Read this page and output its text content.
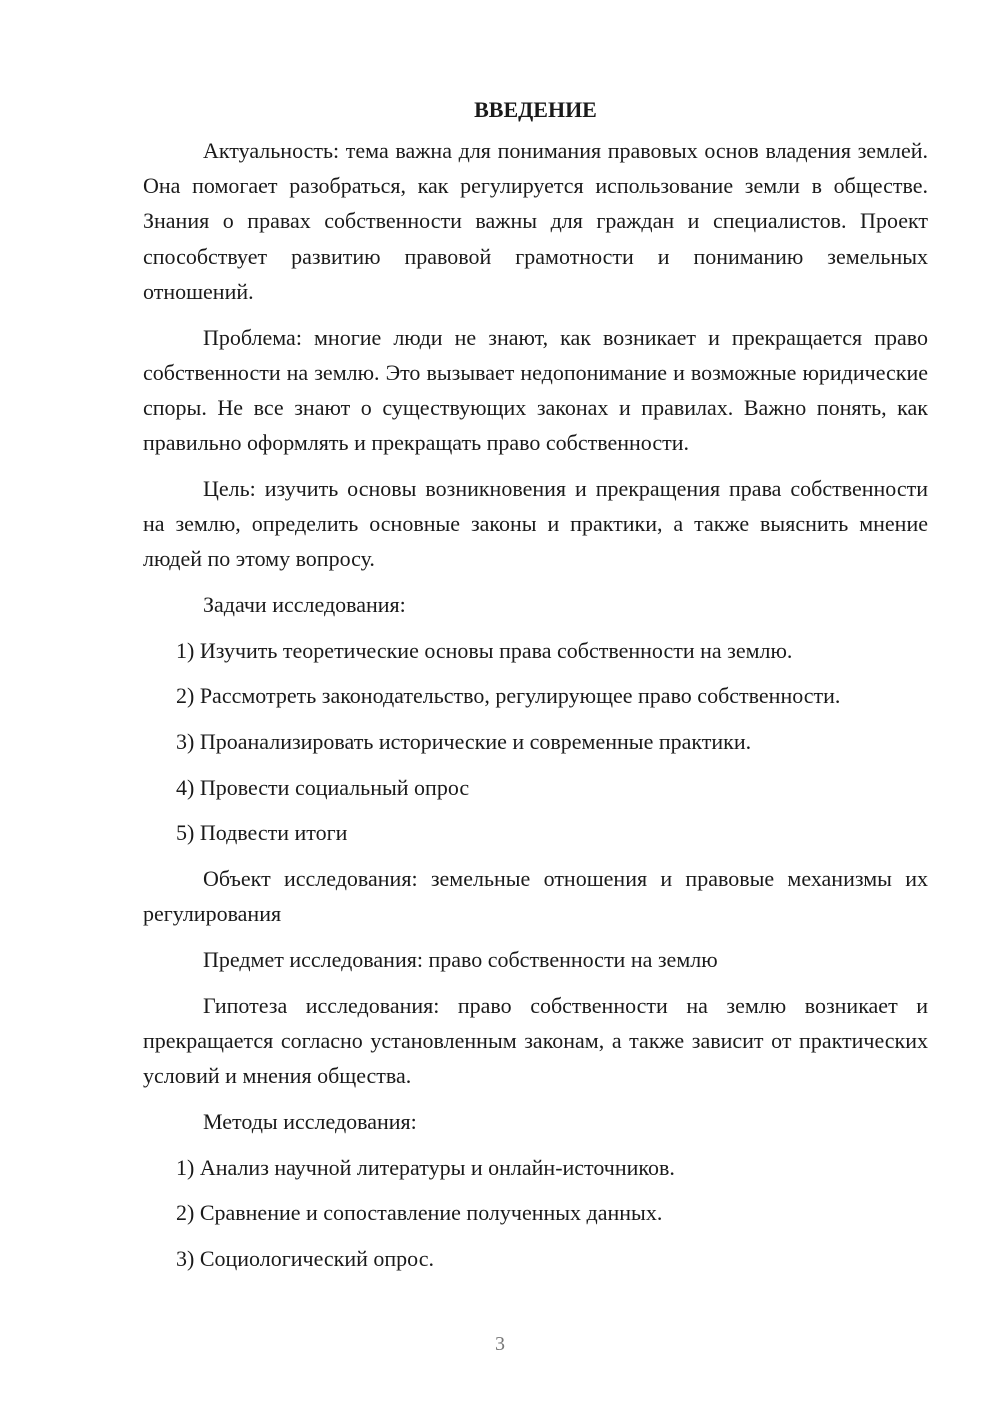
ВВЕДЕНИЕ

Актуальность: тема важна для понимания правовых основ владения землей. Она помогает разобраться, как регулируется использование земли в обществе. Знания о правах собственности важны для граждан и специалистов. Проект способствует развитию правовой грамотности и пониманию земельных отношений.

Проблема: многие люди не знают, как возникает и прекращается право собственности на землю. Это вызывает недопонимание и возможные юридические споры. Не все знают о существующих законах и правилах. Важно понять, как правильно оформлять и прекращать право собственности.

Цель: изучить основы возникновения и прекращения права собственности на землю, определить основные законы и практики, а также выяснить мнение людей по этому вопросу.

Задачи исследования:

1) Изучить теоретические основы права собственности на землю.
2) Рассмотреть законодательство, регулирующее право собственности.
3) Проанализировать исторические и современные практики.
4) Провести социальный опрос
5) Подвести итоги

Объект исследования: земельные отношения и правовые механизмы их регулирования

Предмет исследования: право собственности на землю

Гипотеза исследования: право собственности на землю возникает и прекращается согласно установленным законам, а также зависит от практических условий и мнения общества.

Методы исследования:

1) Анализ научной литературы и онлайн-источников.
2) Сравнение и сопоставление полученных данных.
3) Социологический опрос.
3
